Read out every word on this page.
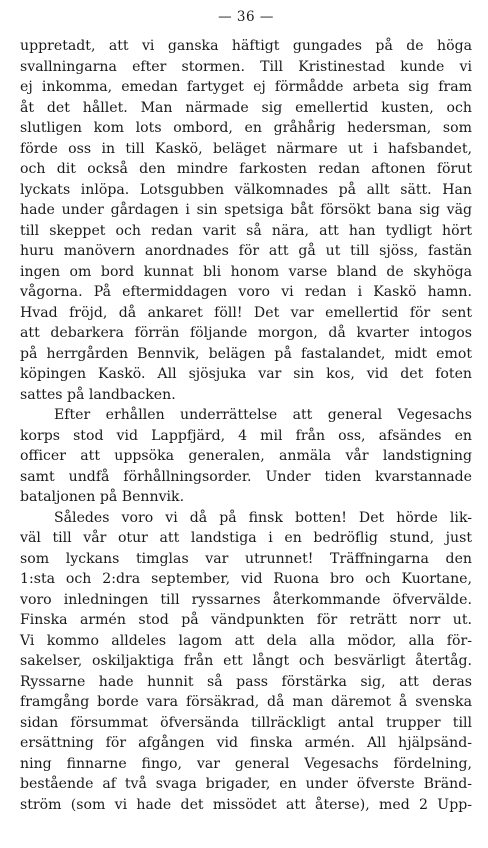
— 36 —
uppretadt, att vi ganska häftigt gungades på de höga
svallningarna efter stormen. Till Kristinestad kunde vi
ej inkomma, emedan fartyget ej förmådde arbeta sig fram
åt det hållet. Man närmade sig emellertid kusten, och
slutligen kom lots ombord, en gråhårig hedersman, som
förde oss in till Kaskö, beläget närmare ut i hafsbandet,
och dit också den mindre farkosten redan aftonen förut
lyckats inlöpa. Lotsgubben välkomnades på allt sätt. Han
hade under gårdagen i sin spetsiga båt försökt bana sig väg
till skeppet och redan varit så nära, att han tydligt hört
huru manövern anordnades för att gå ut till sjöss, fastän
ingen om bord kunnat bli honom varse bland de skyhöga
vågorna. På eftermiddagen voro vi redan i Kaskö hamn.
Hvad fröjd, då ankaret föll! Det var emellertid för sent
att debarkera förrän följande morgon, då kvarter intogos
på herrgården Bennvik, belägen på fastalandet, midt emot
köpingen Kaskö. All sjösjuka var sin kos, vid det foten
sattes på landbacken.
Efter erhållen underrättelse att general Vegesachs
korps stod vid Lappfjärd, 4 mil från oss, afsändes en
officer att uppsöka generalen, anmäla vår landstigning
samt undfå förhållningsorder. Under tiden kvarstannade
bataljonen på Bennvik.
Således voro vi då på finsk botten! Det hörde lik-
väl till vår otur att landstiga i en bedröflig stund, just
som lyckans timglas var utrunnet! Träffningarna den
1:sta och 2:dra september, vid Ruona bro och Kuortane,
voro inledningen till ryssarnes återkommande öfvervälde.
Finska armén stod på vändpunkten för reträtt norr ut.
Vi kommo alldeles lagom att dela alla mödor, alla för-
sakelser, oskiljaktiga från ett långt och besvärligt återtåg.
Ryssarne hade hunnit så pass förstärka sig, att deras
framgång borde vara försäkrad, då man däremot å svenska
sidan försummat öfversända tillräckligt antal trupper till
ersättning för afgången vid finska armén. All hjälpsänd-
ning finnarne fingo, var general Vegesachs fördelning,
bestående af två svaga brigader, en under öfverste Bränd-
ström (som vi hade det missödet att återse), med 2 Upp-
